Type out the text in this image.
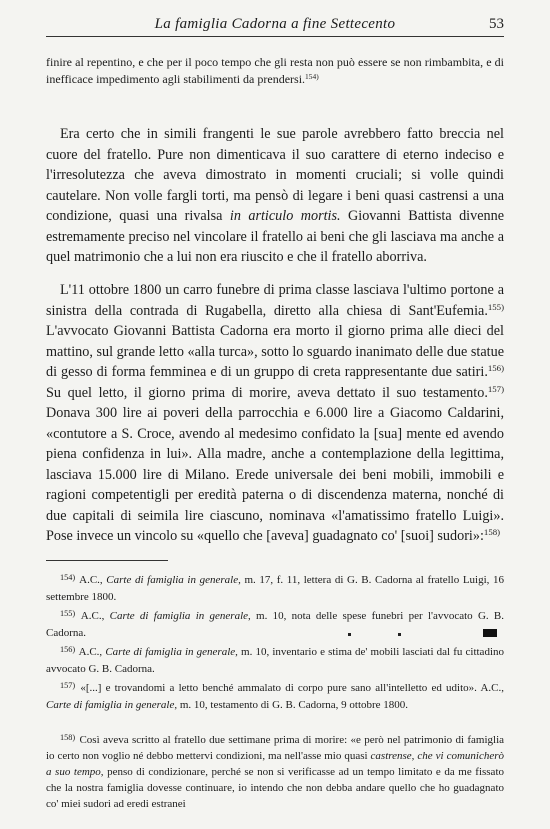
La famiglia Cadorna a fine Settecento	53

finire al repentino, e che per il poco tempo che gli resta non può essere se non rimbambita, e di inefficace impedimento agli stabilimenti da prendersi.$^{154)}$

Era certo che in simili frangenti le sue parole avrebbero fatto breccia nel cuore del fratello. Pure non dimenticava il suo carattere di eterno indeciso e l'irresolutezza che aveva dimostrato in momenti cruciali; si volle quindi cautelare. Non volle fargli torti, ma pensò di legare i beni quasi castrensi a una condizione, quasi una rivalsa in articulo mortis. Giovanni Battista divenne estremamente preciso nel vincolare il fratello ai beni che gli lasciava ma anche a quel matrimonio che a lui non era riuscito e che il fratello aborriva.

L'11 ottobre 1800 un carro funebre di prima classe lasciava l'ultimo portone a sinistra della contrada di Rugabella, diretto alla chiesa di Sant'Eufemia.$^{155)}$ L'avvocato Giovanni Battista Cadorna era morto il giorno prima alle dieci del mattino, sul grande letto «alla turca», sotto lo sguardo inanimato delle due statue di gesso di forma femminea e di un gruppo di creta rappresentante due satiri.$^{156)}$ Su quel letto, il giorno prima di morire, aveva dettato il suo testamento.$^{157)}$ Donava 300 lire ai poveri della parrocchia e 6.000 lire a Giacomo Caldarini, «contutore a S. Croce, avendo al medesimo confidato la [sua] mente ed avendo piena confidenza in lui». Alla madre, anche a contemplazione della legittima, lasciava 15.000 lire di Milano. Erede universale dei beni mobili, immobili e ragioni competentigli per eredità paterna o di discendenza materna, nonché di due capitali di seimila lire ciascuno, nominava «l'amatissimo fratello Luigi». Pose invece un vincolo su «quello che [aveva] guadagnato co' [suoi] sudori»:$^{158)}$

$^{154)}$ A.C., Carte di famiglia in generale, m. 17, f. 11, lettera di G. B. Cadorna al fratello Luigi, 16 settembre 1800.

$^{155)}$ A.C., Carte di famiglia in generale, m. 10, nota delle spese funebri per l'avvocato G. B. Cadorna.

$^{156)}$ A.C., Carte di famiglia in generale, m. 10, inventario e stima de' mobili lasciati dal fu cittadino avvocato G. B. Cadorna.

$^{157)}$ «[...] e trovandomi a letto benché ammalato di corpo pure sano all'intelletto ed udito». A.C., Carte di famiglia in generale, m. 10, testamento di G. B. Cadorna, 9 ottobre 1800.

$^{158)}$ Così aveva scritto al fratello due settimane prima di morire: «e però nel patrimonio di famiglia io certo non voglio né debbo mettervi condizioni, ma nell'asse mio quasi castrense, che vi comunicherò a suo tempo, penso di condizionare, perché se non si verificasse ad un tempo limitato e da me fissato che la nostra famiglia dovesse continuare, io intendo che non debba andare quello che ho guadagnato co' miei sudori ad eredi estranei
